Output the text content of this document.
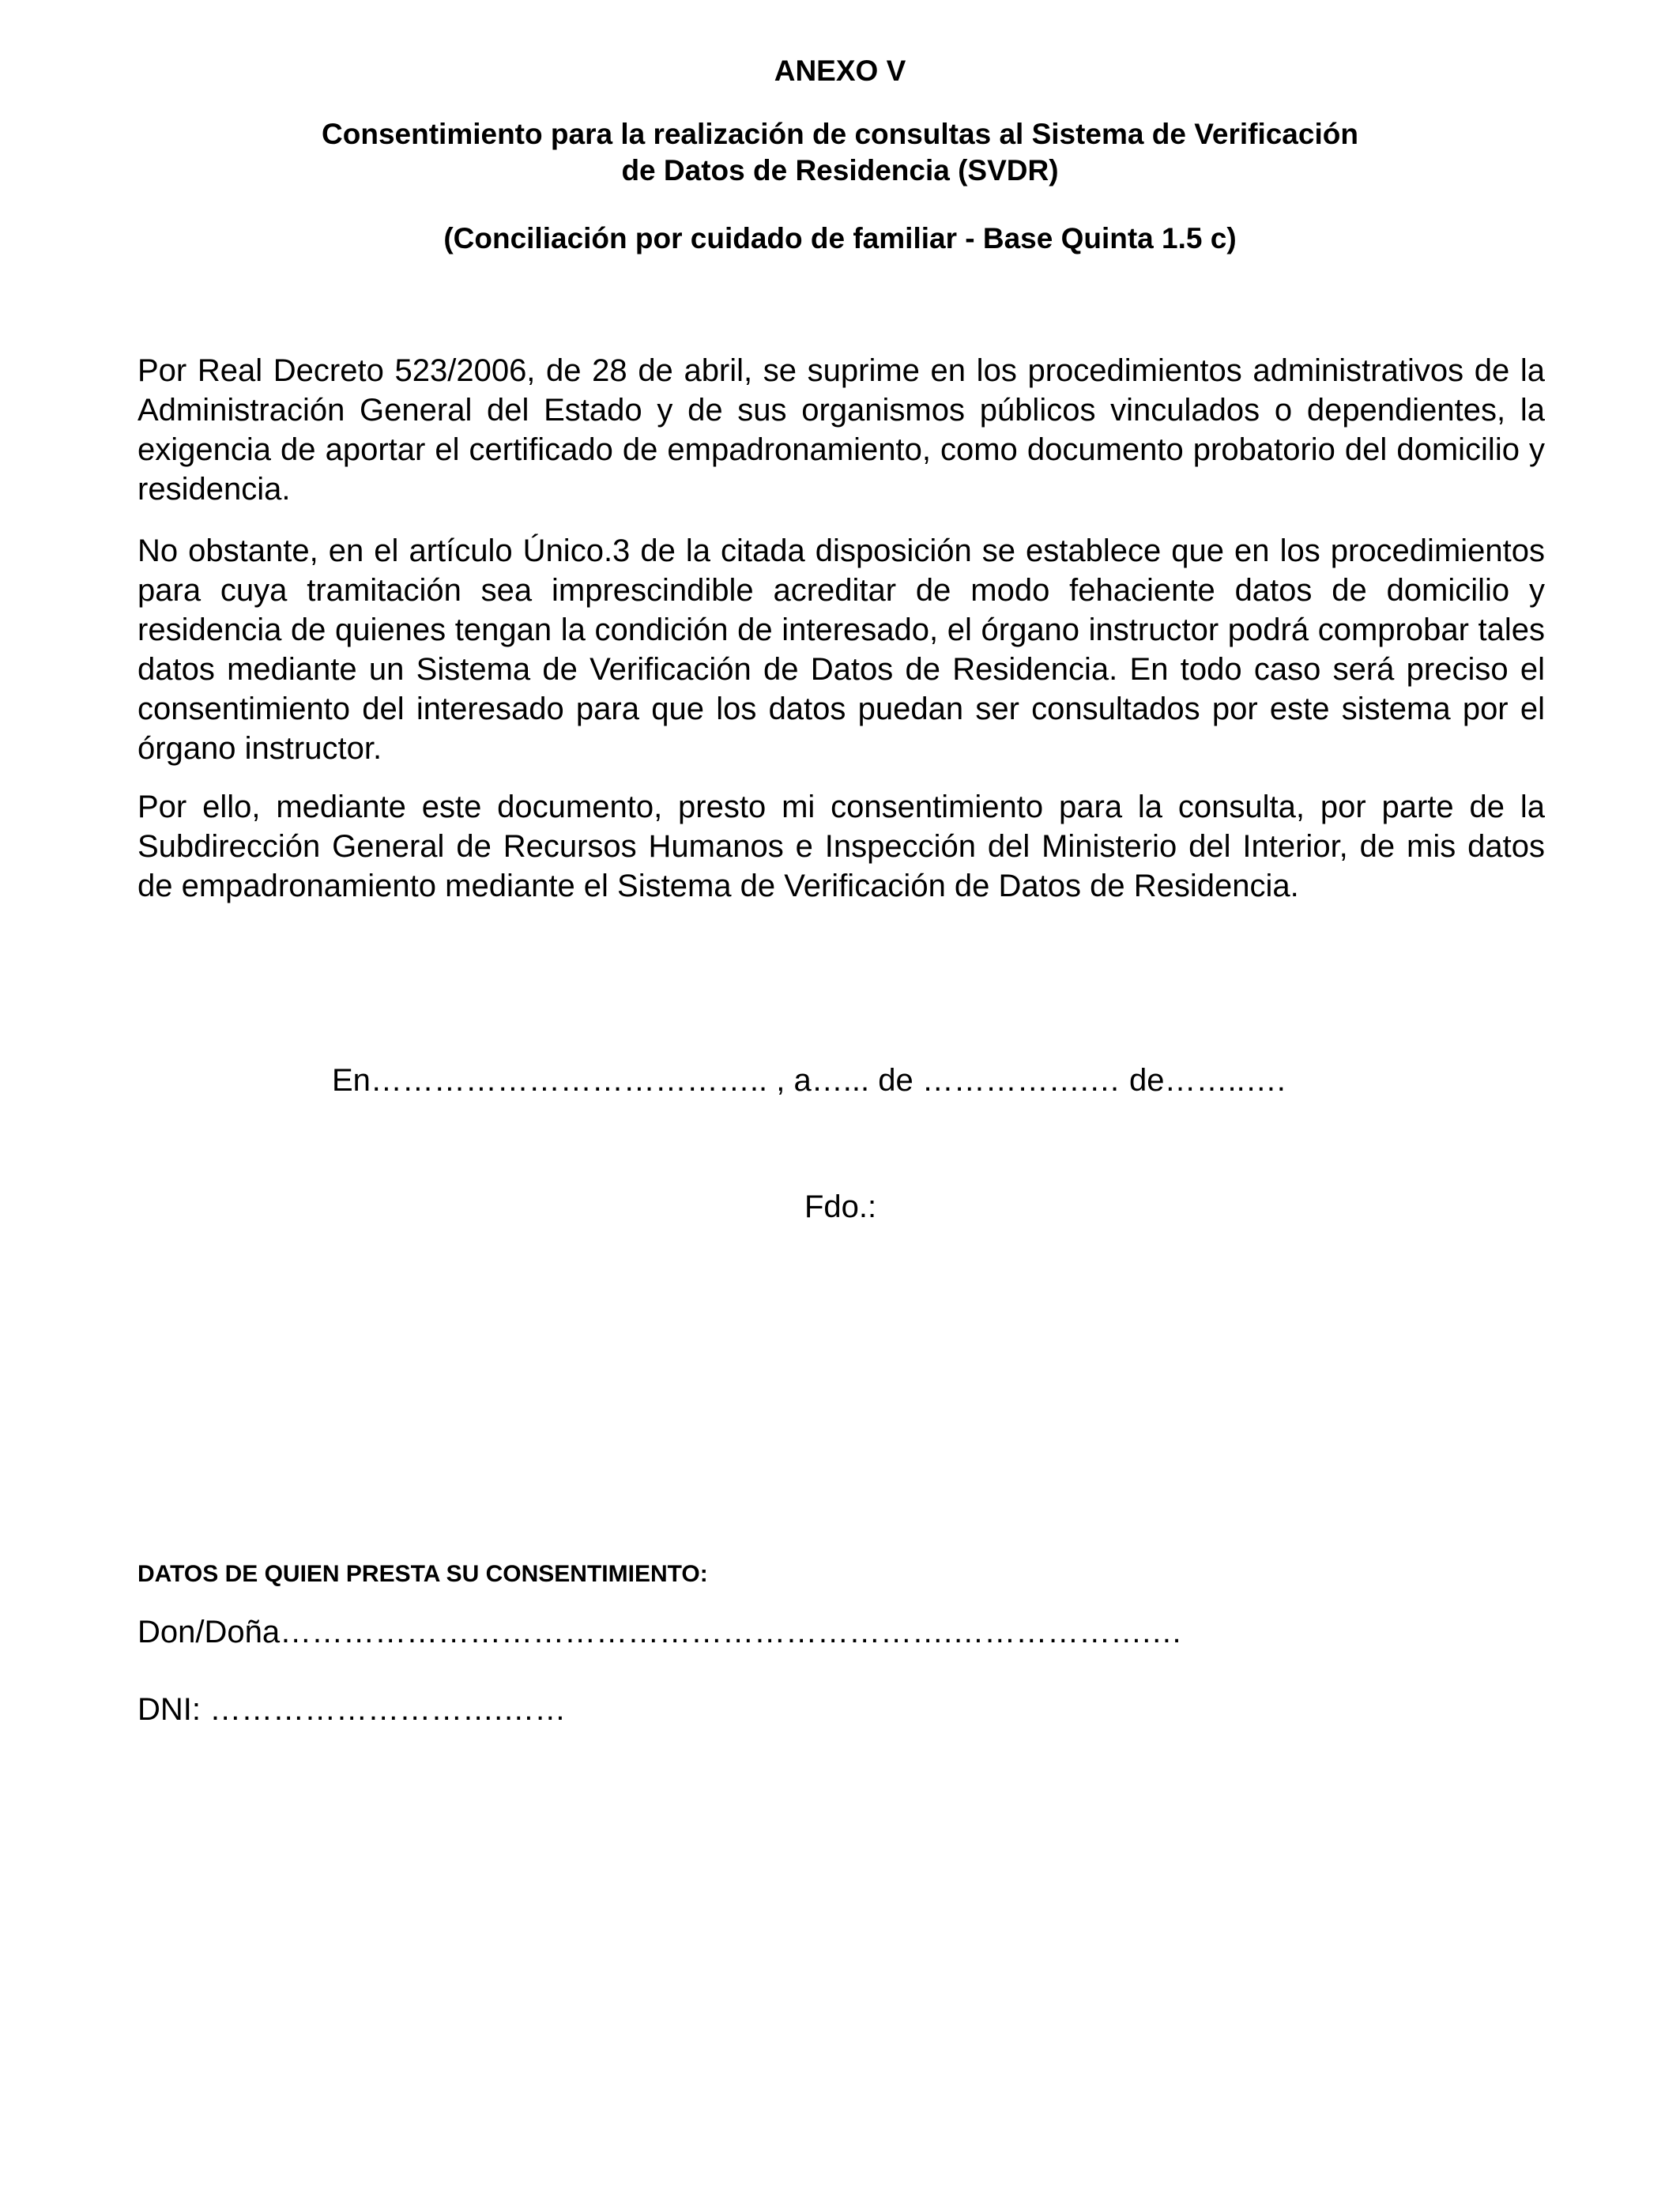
ANEXO V
Consentimiento para la realización de consultas al Sistema de Verificación
de Datos de Residencia (SVDR)
(Conciliación por cuidado de familiar - Base Quinta 1.5 c)
Por Real Decreto 523/2006, de 28 de abril, se suprime en los procedimientos administrativos de la Administración General del Estado y de sus organismos públicos vinculados o dependientes, la exigencia de aportar el certificado de empadronamiento, como documento probatorio del domicilio y residencia.
No obstante, en el artículo Único.3 de la citada disposición se establece que en los procedimientos para cuya tramitación sea imprescindible acreditar de modo fehaciente datos de domicilio y residencia de quienes tengan la condición de interesado, el órgano instructor podrá comprobar tales datos mediante un Sistema de Verificación de Datos de Residencia. En todo caso será preciso el consentimiento del interesado para que los datos puedan ser consultados por este sistema por el órgano instructor.
Por ello, mediante este documento, presto mi consentimiento para la consulta, por parte de la Subdirección General de Recursos Humanos e Inspección del Ministerio del Interior, de mis datos de empadronamiento mediante el Sistema de Verificación de Datos de Residencia.
En……………………………….. , a…... de …………….… de……..….
Fdo.:
DATOS DE QUIEN PRESTA SU CONSENTIMIENTO:
Don/Doña……………………………………………………….……………….…
DNI: ……………………….……
